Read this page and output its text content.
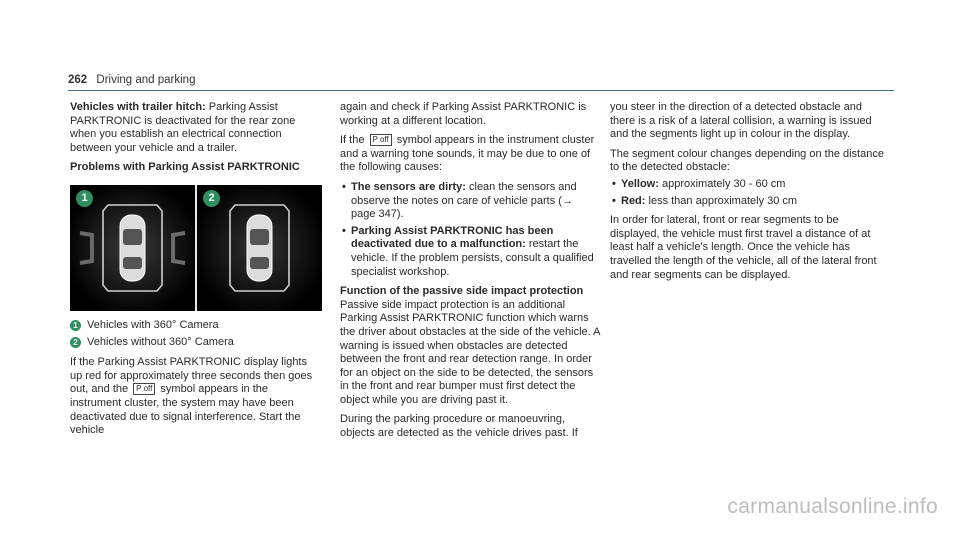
262 Driving and parking

Vehicles with trailer hitch: Parking Assist PARKTRONIC is deactivated for the rear zone when you establish an electrical connection between your vehicle and a trailer.

Problems with Parking Assist PARKTRONIC
1	2
1 Vehicles with 360° Camera
2 Vehicles without 360° Camera

If the Parking Assist PARKTRONIC display lights up red for approximately three seconds then goes out, and the P off symbol appears in the instrument cluster, the system may have been deactivated due to signal interference. Start the vehicle

again and check if Parking Assist PARKTRONIC is working at a different location.

If the P off symbol appears in the instrument cluster and a warning tone sounds, it may be due to one of the following causes:

• The sensors are dirty: clean the sensors and observe the notes on care of vehicle parts (→ page 347).
• Parking Assist PARKTRONIC has been deactivated due to a malfunction: restart the vehicle. If the problem persists, consult a qualified specialist workshop.
Function of the passive side impact protection

Passive side impact protection is an additional Parking Assist PARKTRONIC function which warns the driver about obstacles at the side of the vehicle. A warning is issued when obstacles are detected between the front and rear detection range. In order for an object on the side to be detected, the sensors in the front and rear bumper must first detect the object while you are driving past it.

During the parking procedure or manoeuvring, objects are detected as the vehicle drives past. If

you steer in the direction of a detected obstacle and there is a risk of a lateral collision, a warning is issued and the segments light up in colour in the display.

The segment colour changes depending on the distance to the detected obstacle:

• Yellow: approximately 30 - 60 cm
• Red: less than approximately 30 cm

In order for lateral, front or rear segments to be displayed, the vehicle must first travel a distance of at least half a vehicle's length. Once the vehicle has travelled the length of the vehicle, all of the lateral front and rear segments can be displayed.

carmanualsonline.info
